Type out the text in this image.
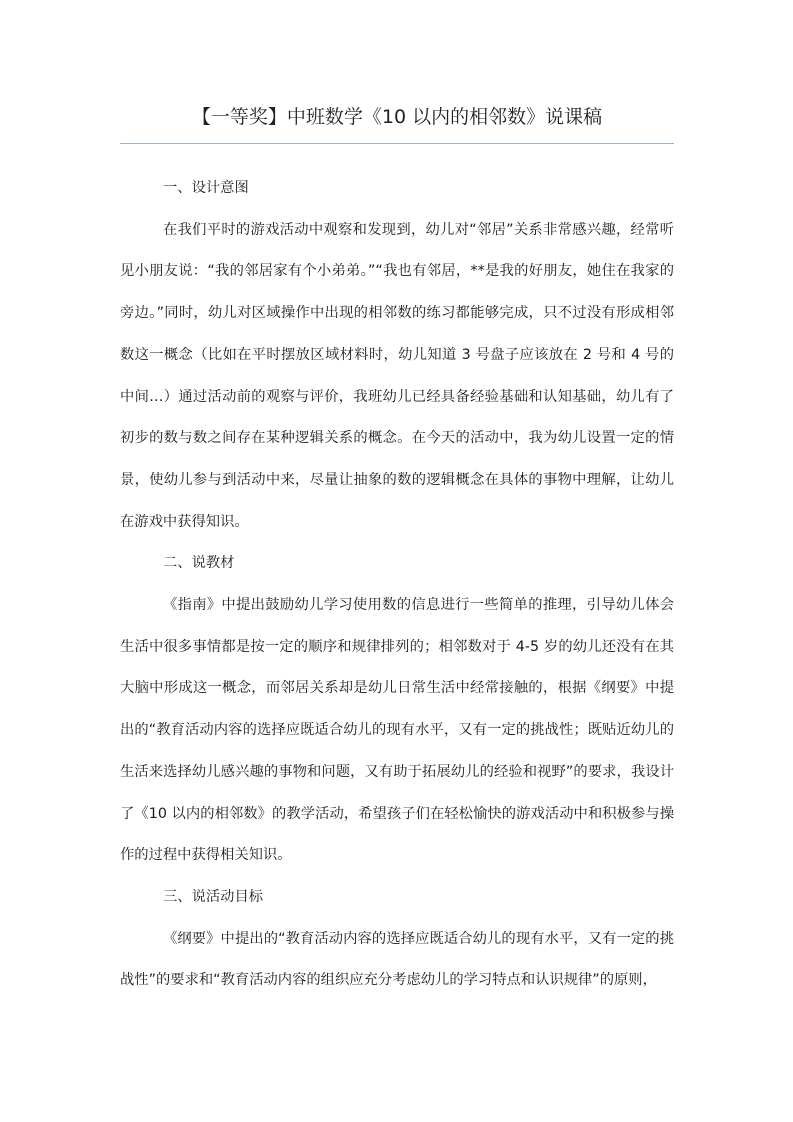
【一等奖】中班数学《10 以内的相邻数》说课稿

一、设计意图

在我们平时的游戏活动中观察和发现到，幼儿对“邻居”关系非常感兴趣，经常听见小朋友说：“我的邻居家有个小弟弟。”“我也有邻居，**是我的好朋友，她住在我家的旁边。”同时，幼儿对区域操作中出现的相邻数的练习都能够完成，只不过没有形成相邻数这一概念（比如在平时摆放区域材料时，幼儿知道 3 号盘子应该放在 2 号和 4 号的中间…）通过活动前的观察与评价，我班幼儿已经具备经验基础和认知基础，幼儿有了初步的数与数之间存在某种逻辑关系的概念。在今天的活动中，我为幼儿设置一定的情景，使幼儿参与到活动中来，尽量让抽象的数的逻辑概念在具体的事物中理解，让幼儿在游戏中获得知识。

二、说教材

《指南》中提出鼓励幼儿学习使用数的信息进行一些简单的推理，引导幼儿体会生活中很多事情都是按一定的顺序和规律排列的；相邻数对于 4-5 岁的幼儿还没有在其大脑中形成这一概念，而邻居关系却是幼儿日常生活中经常接触的，根据《纲要》中提出的“教育活动内容的选择应既适合幼儿的现有水平，又有一定的挑战性；既贴近幼儿的生活来选择幼儿感兴趣的事物和问题，又有助于拓展幼儿的经验和视野”的要求，我设计了《10 以内的相邻数》的教学活动，希望孩子们在轻松愉快的游戏活动中和积极参与操作的过程中获得相关知识。

三、说活动目标

《纲要》中提出的“教育活动内容的选择应既适合幼儿的现有水平，又有一定的挑战性”的要求和“教育活动内容的组织应充分考虑幼儿的学习特点和认识规律”的原则，
